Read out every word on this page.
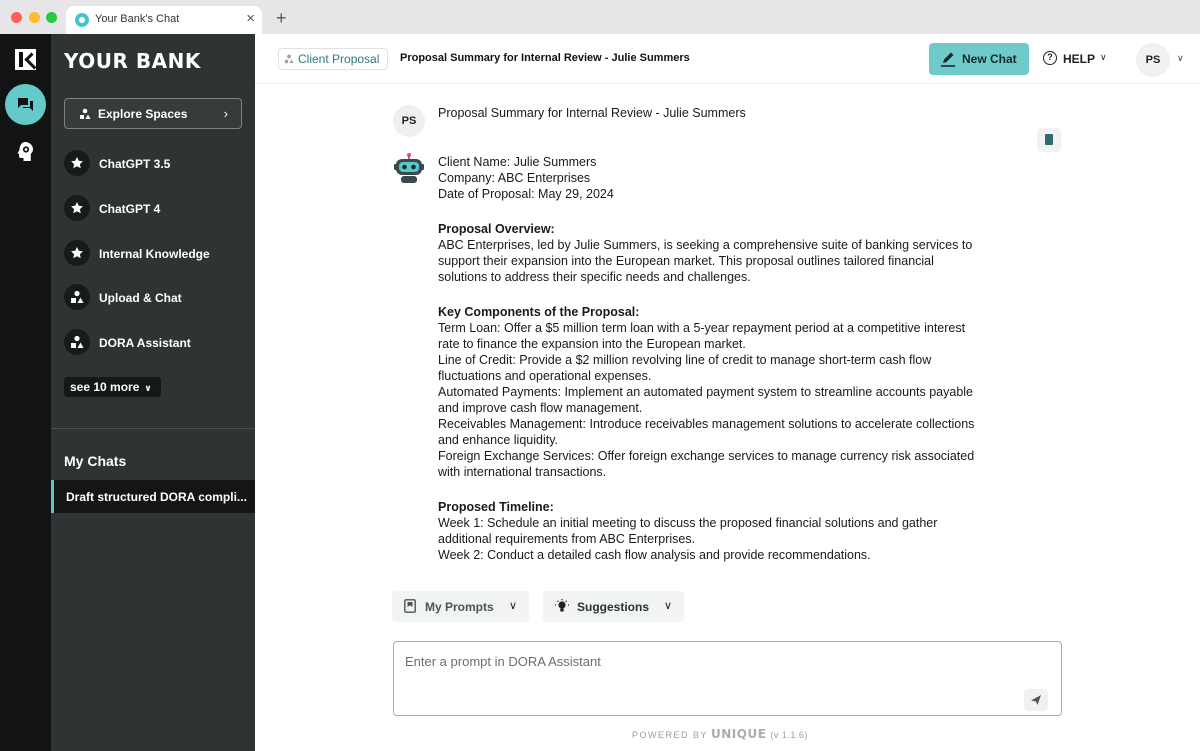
Your Bank's Chat	× +
YOUR BANK
Explore Spaces	›
ChatGPT 3.5
ChatGPT 4
Internal Knowledge
Upload & Chat
DORA Assistant
see 10 more ∨
My Chats
Draft structured DORA compli...
Client Proposal	Proposal Summary for Internal Review - Julie Summers	New Chat	? HELP ∨	PS	∨
PS
Proposal Summary for Internal Review - Julie Summers
Client Name: Julie Summers
Company: ABC Enterprises
Date of Proposal: May 29, 2024
Proposal Overview:
ABC Enterprises, led by Julie Summers, is seeking a comprehensive suite of banking services to
support their expansion into the European market. This proposal outlines tailored financial
solutions to address their specific needs and challenges.
Key Components of the Proposal:
Term Loan: Offer a $5 million term loan with a 5-year repayment period at a competitive interest
rate to finance the expansion into the European market.
Line of Credit: Provide a $2 million revolving line of credit to manage short-term cash flow
fluctuations and operational expenses.
Automated Payments: Implement an automated payment system to streamline accounts payable
and improve cash flow management.
Receivables Management: Introduce receivables management solutions to accelerate collections
and enhance liquidity.
Foreign Exchange Services: Offer foreign exchange services to manage currency risk associated
with international transactions.
Proposed Timeline:
Week 1: Schedule an initial meeting to discuss the proposed financial solutions and gather
additional requirements from ABC Enterprises.
Week 2: Conduct a detailed cash flow analysis and provide recommendations.
My Prompts ∨	Suggestions ∨
Enter a prompt in DORA Assistant
POWERED BY UNIQUE (v 1.1.6)
